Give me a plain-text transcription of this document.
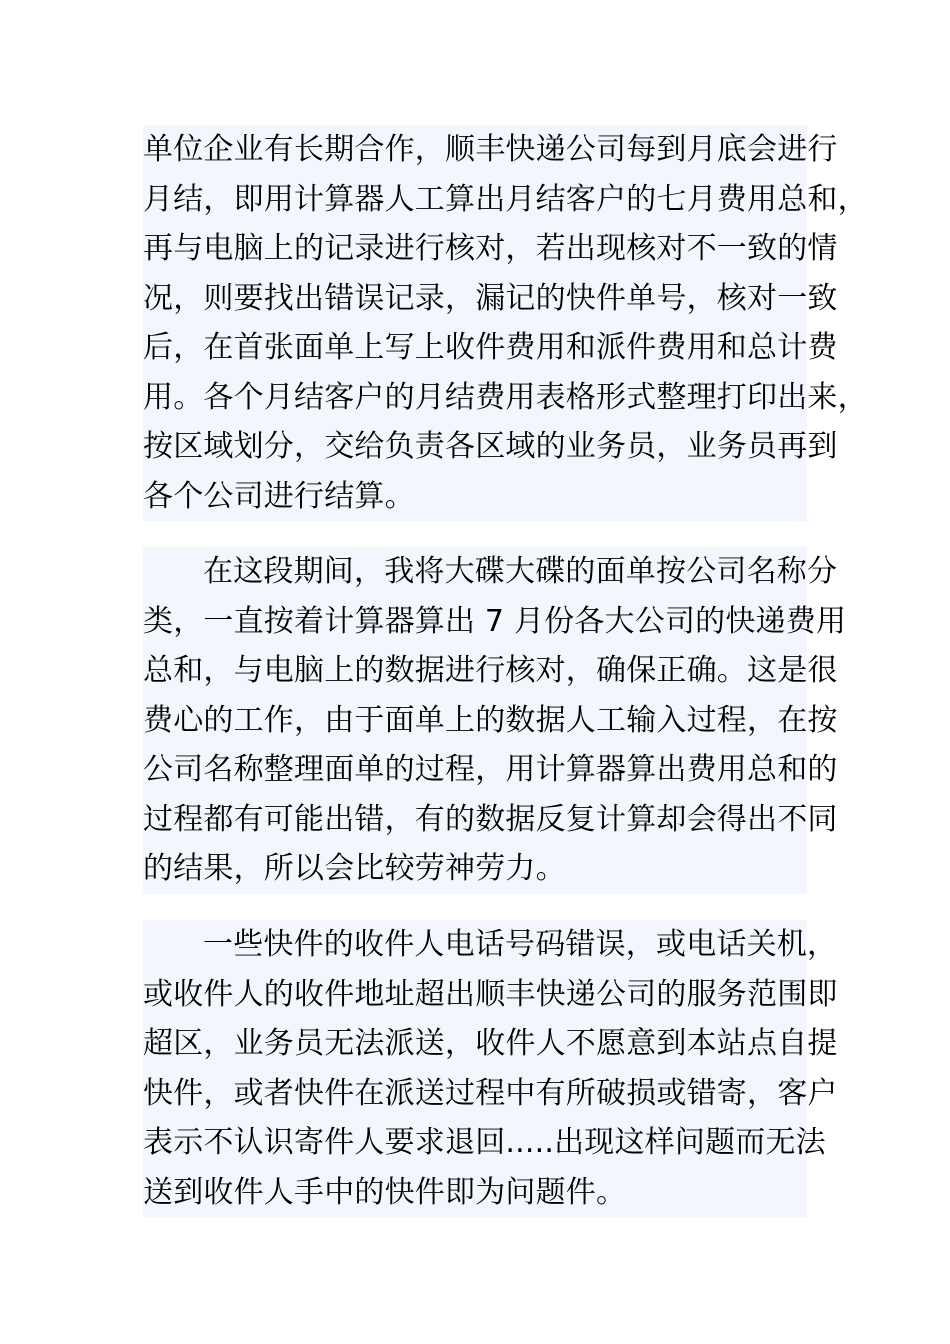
单位企业有长期合作，顺丰快递公司每到月底会进行
月结，即用计算器人工算出月结客户的七月费用总和，
再与电脑上的记录进行核对，若出现核对不一致的情
况，则要找出错误记录，漏记的快件单号，核对一致
后，在首张面单上写上收件费用和派件费用和总计费
用。各个月结客户的月结费用表格形式整理打印出来，
按区域划分，交给负责各区域的业务员，业务员再到
各个公司进行结算。
在这段期间，我将大碟大碟的面单按公司名称分
类，一直按着计算器算出 7 月份各大公司的快递费用
总和，与电脑上的数据进行核对，确保正确。这是很
费心的工作，由于面单上的数据人工输入过程，在按
公司名称整理面单的过程，用计算器算出费用总和的
过程都有可能出错，有的数据反复计算却会得出不同
的结果，所以会比较劳神劳力。
一些快件的收件人电话号码错误，或电话关机，
或收件人的收件地址超出顺丰快递公司的服务范围即
超区，业务员无法派送，收件人不愿意到本站点自提
快件，或者快件在派送过程中有所破损或错寄，客户
表示不认识寄件人要求退回.....出现这样问题而无法
送到收件人手中的快件即为问题件。
